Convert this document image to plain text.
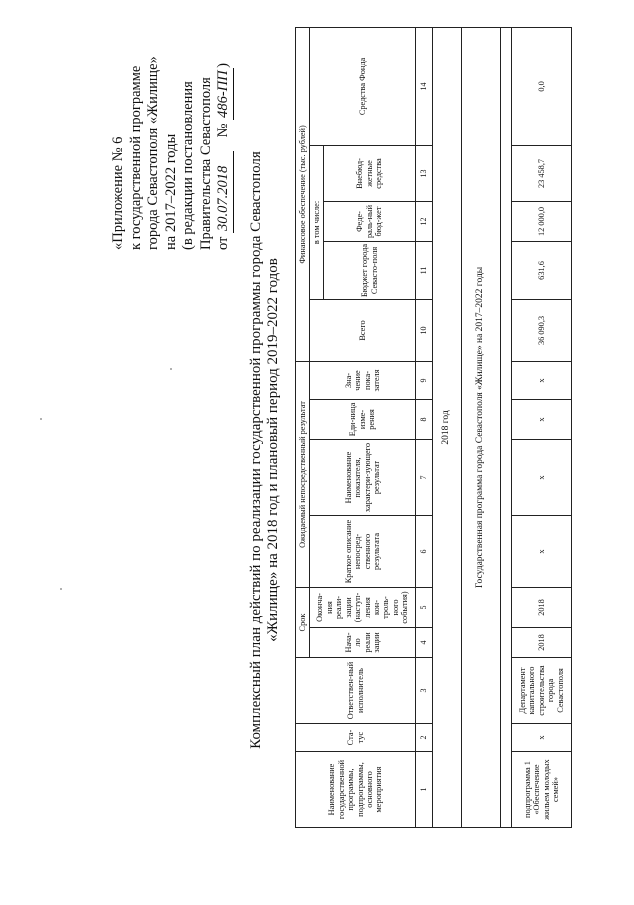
«Приложение № 6 к государственной программе города Севастополя «Жилище» на 2017–2022 годы (в редакции постановления Правительства Севастополя от 30.07.2018 № 486-ПП)
Комплексный план действий по реализации государственной программы города Севастополя «Жилище» на 2018 год и плановый период 2019–2022 годов
Наименование государственной программы, подпрограммы, основного мероприятия	Ста-тус	Ответствен-ный исполнитель	Срок		Ожидаемый непосредственный результат				Финансовое обеспечение (тыс. рублей)				
			Нача-ло реали зации	Оконча-ния реали-зации (наступ-ления кон-троль-ного события)	Краткое описание непосред-ственного результата	Наименование показателя, характери-зующего результат	Еди-ница изме-рения	Зна-чение пока-зателя	Всего	в том числе:			Средства Фонда
										Бюджет города Севасто-поля	Феде-раль-ный бюд-жет	Внебюд-жетные средства	
1	2	3	4	5	6	7	8	9	10	11	12	13	14
2018 год													
Государственная программа города Севастополя «Жилище» на 2017–2022 годы													

подпрограмма 1 «Обеспечение жильем молодых семей»	х	Департамент капитального строительства города Севастополя	2018	2018	х	х	х	х	36 090,3	631,6	12 000,0	23 458,7	0,0
